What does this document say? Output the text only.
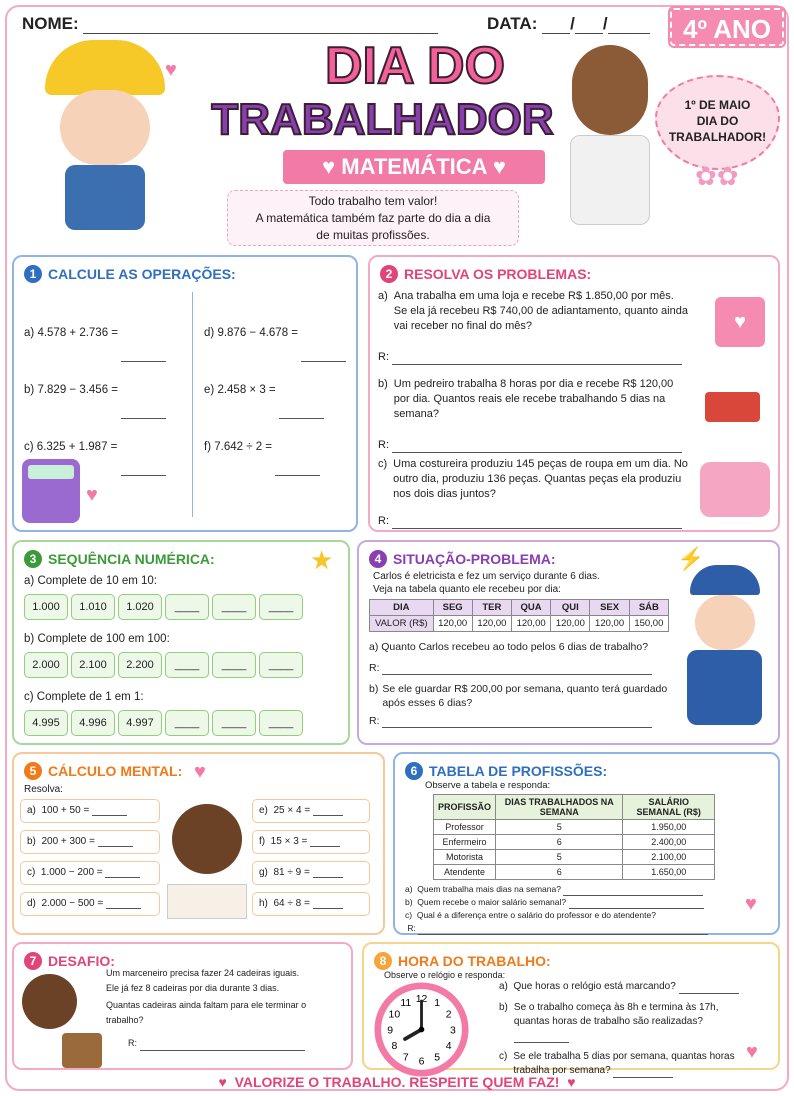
NOME:	DATA: / /	4º ANO
DIA DO
TRABALHADOR
♥ MATEMÁTICA ♥
Todo trabalho tem valor!
A matemática também faz parte do dia a dia
de muitas profissões.
1º DE MAIO
DIA DO
TRABALHADOR!
♥
✿✿
1 CALCULE AS OPERAÇÕES:
a) 4.578 + 2.736 =
b) 7.829 − 3.456 =
c) 6.325 + 1.987 =
d) 9.876 − 4.678 =
e) 2.458 × 3 =
f) 7.642 ÷ 2 =
♥
2 RESOLVA OS PROBLEMAS:
a) Ana trabalha em uma loja e recebe R$ 1.850,00 por mês. Se ela já recebeu R$ 740,00 de adiantamento, quanto ainda vai receber no final do mês?
R:
b) Um pedreiro trabalha 8 horas por dia e recebe R$ 120,00 por dia. Quantos reais ele recebe trabalhando 5 dias na semana?
R:
c) Uma costureira produziu 145 peças de roupa em um dia. No outro dia, produziu 136 peças. Quantas peças ela produziu nos dois dias juntos?
R:
♥
3 SEQUÊNCIA NUMÉRICA:
a) Complete de 10 em 10:
1.000 1.010 1.020 ____ ____ ____
b) Complete de 100 em 100:
2.000 2.100 2.200 ____ ____ ____
c) Complete de 1 em 1:
4.995 4.996 4.997 ____ ____ ____
★	4 SITUAÇÃO-PROBLEMA:
Carlos é eletricista e fez um serviço durante 6 dias.
Veja na tabela quanto ele recebeu por dia:
DIA	SEG	TER	QUA	QUI	SEX	SÁB
VALOR (R$)	120,00	120,00	120,00	120,00	120,00	150,00
a) Quanto Carlos recebeu ao todo pelos 6 dias de trabalho?
R:
b) Se ele guardar R$ 200,00 por semana, quanto terá guardado após esses 6 dias?
R:
⚡
5 CÁLCULO MENTAL:
Resolva:
a) 100 + 50 =
b) 200 + 300 =
c) 1.000 − 200 =
d) 2.000 − 500 =
e) 25 × 4 =
f) 15 × 3 =
g) 81 ÷ 9 =
h) 64 ÷ 8 =
♥	6 TABELA DE PROFISSÕES:
Observe a tabela e responda:
PROFISSÃO	DIAS TRABALHADOS NA SEMANA	SALÁRIO SEMANAL (R$)
Professor	5	1.950,00
Enfermeiro	6	2.400,00
Motorista	5	2.100,00
Atendente	6	1.650,00
a) Quem trabalha mais dias na semana?
b) Quem recebe o maior salário semanal?
c) Qual é a diferença entre o salário do professor e do atendente?
R:
♥
7 DESAFIO:
Um marceneiro precisa fazer 24 cadeiras iguais.
Ele já fez 8 cadeiras por dia durante 3 dias.
Quantas cadeiras ainda faltam para ele terminar o trabalho?
R:
8 HORA DO TRABALHO:
Observe o relógio e responda:
12 1
2
3
4
5
6
7
8
9
10
11
a) Que horas o relógio está marcando?
b) Se o trabalho começa às 8h e termina às 17h, quantas horas de trabalho são realizadas?
c) Se ele trabalha 5 dias por semana, quantas horas trabalha por semana?
♥
♥  VALORIZE O TRABALHO. RESPEITE QUEM FAZ!  ♥
